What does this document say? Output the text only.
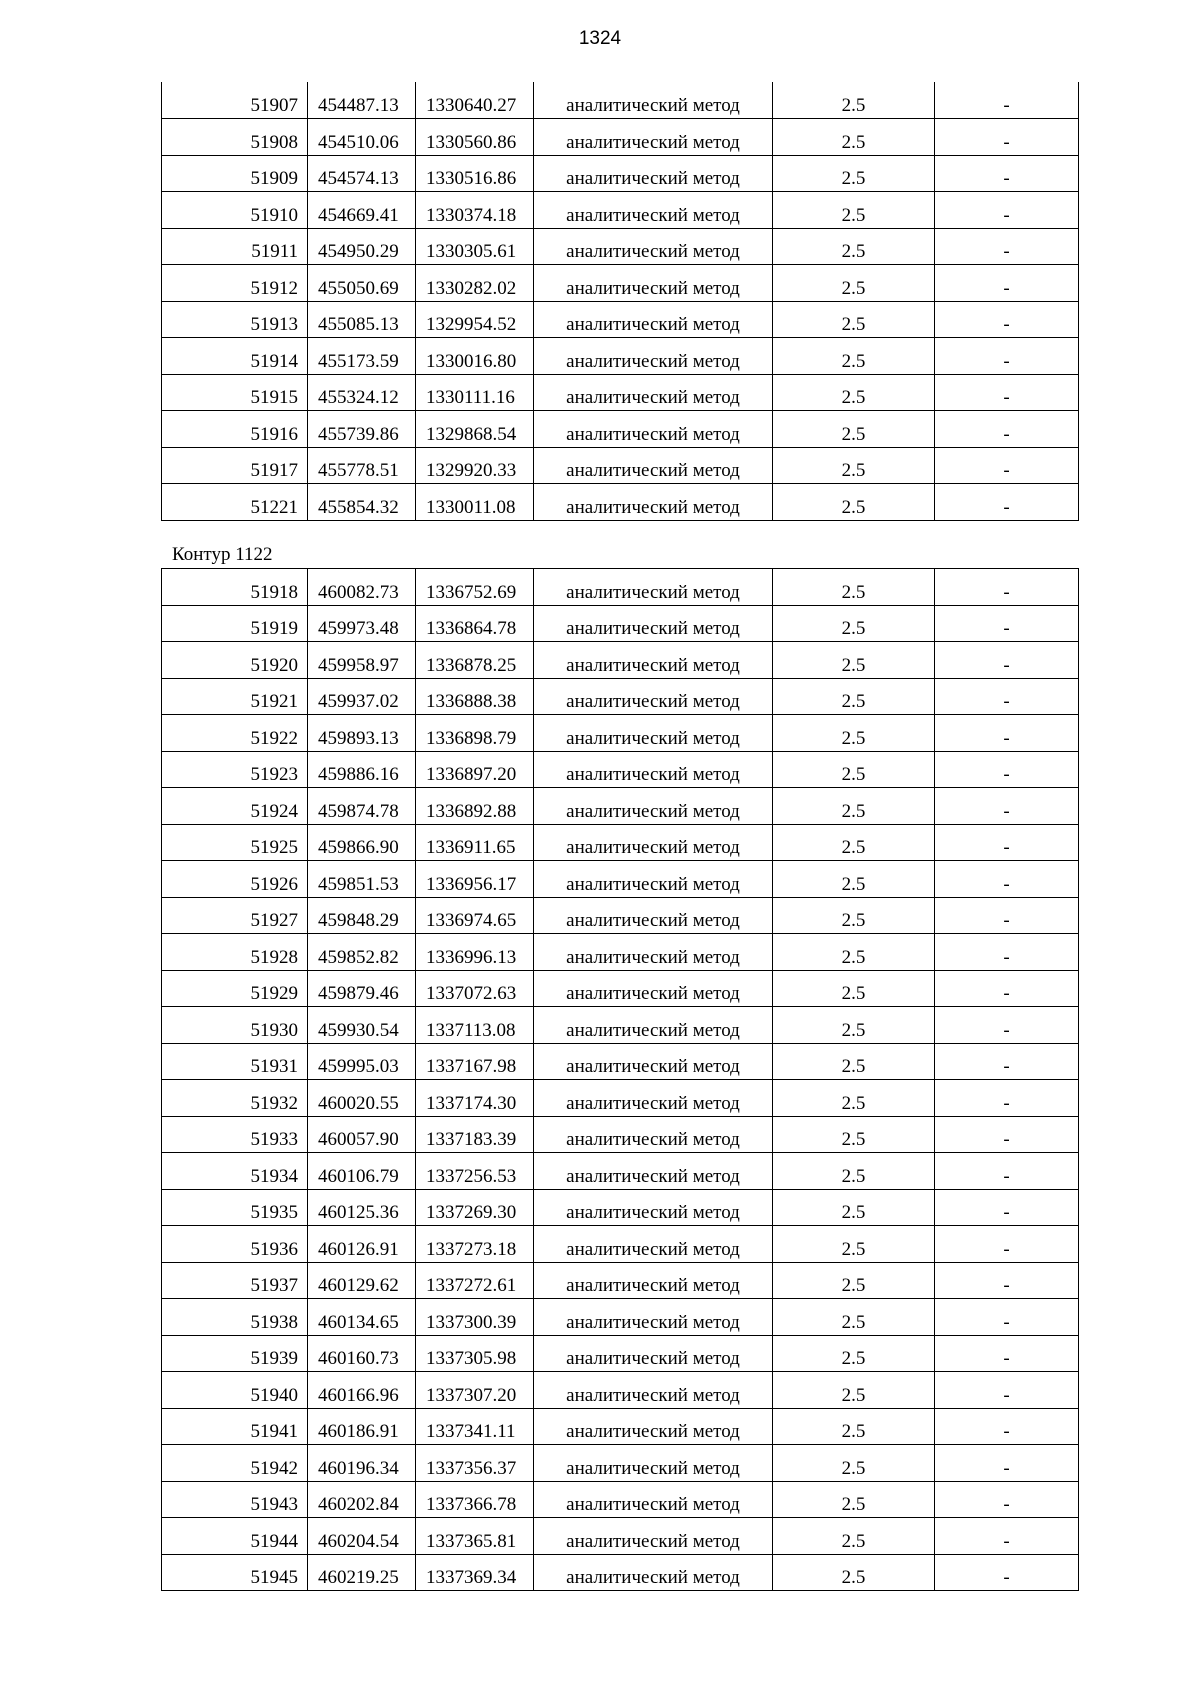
1324
51907	454487.13	1330640.27	аналитический метод	2.5	-
51908	454510.06	1330560.86	аналитический метод	2.5	-
51909	454574.13	1330516.86	аналитический метод	2.5	-
51910	454669.41	1330374.18	аналитический метод	2.5	-
51911	454950.29	1330305.61	аналитический метод	2.5	-
51912	455050.69	1330282.02	аналитический метод	2.5	-
51913	455085.13	1329954.52	аналитический метод	2.5	-
51914	455173.59	1330016.80	аналитический метод	2.5	-
51915	455324.12	1330111.16	аналитический метод	2.5	-
51916	455739.86	1329868.54	аналитический метод	2.5	-
51917	455778.51	1329920.33	аналитический метод	2.5	-
51221	455854.32	1330011.08	аналитический метод	2.5	-
Контур 1122
51918	460082.73	1336752.69	аналитический метод	2.5	-
51919	459973.48	1336864.78	аналитический метод	2.5	-
51920	459958.97	1336878.25	аналитический метод	2.5	-
51921	459937.02	1336888.38	аналитический метод	2.5	-
51922	459893.13	1336898.79	аналитический метод	2.5	-
51923	459886.16	1336897.20	аналитический метод	2.5	-
51924	459874.78	1336892.88	аналитический метод	2.5	-
51925	459866.90	1336911.65	аналитический метод	2.5	-
51926	459851.53	1336956.17	аналитический метод	2.5	-
51927	459848.29	1336974.65	аналитический метод	2.5	-
51928	459852.82	1336996.13	аналитический метод	2.5	-
51929	459879.46	1337072.63	аналитический метод	2.5	-
51930	459930.54	1337113.08	аналитический метод	2.5	-
51931	459995.03	1337167.98	аналитический метод	2.5	-
51932	460020.55	1337174.30	аналитический метод	2.5	-
51933	460057.90	1337183.39	аналитический метод	2.5	-
51934	460106.79	1337256.53	аналитический метод	2.5	-
51935	460125.36	1337269.30	аналитический метод	2.5	-
51936	460126.91	1337273.18	аналитический метод	2.5	-
51937	460129.62	1337272.61	аналитический метод	2.5	-
51938	460134.65	1337300.39	аналитический метод	2.5	-
51939	460160.73	1337305.98	аналитический метод	2.5	-
51940	460166.96	1337307.20	аналитический метод	2.5	-
51941	460186.91	1337341.11	аналитический метод	2.5	-
51942	460196.34	1337356.37	аналитический метод	2.5	-
51943	460202.84	1337366.78	аналитический метод	2.5	-
51944	460204.54	1337365.81	аналитический метод	2.5	-
51945	460219.25	1337369.34	аналитический метод	2.5	-
